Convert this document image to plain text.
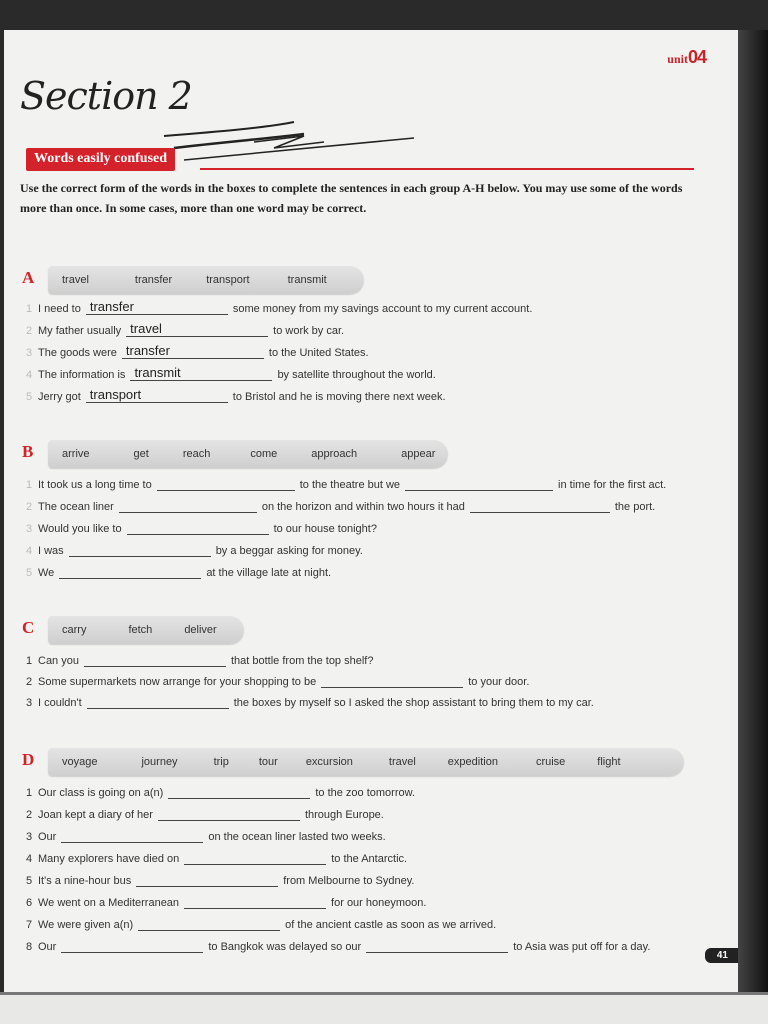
unit04
Section 2
Words easily confused
Use the correct form of the words in the boxes to complete the sentences in each group A-H below. You may use some of the words more than once. In some cases, more than one word may be correct.
A	travel	transfer	transport	transmit
1 I need to transfer	some money from my savings account to my current account.
2 My father usually travel	to work by car.
3 The goods were transfer	to the United States.
4 The information is transmit	by satellite throughout the world.
5 Jerry got transport	to Bristol and he is moving there next week.
B	arrive	get	reach	come	approach	appear
1 It took us a long time to	to the theatre but we	in time for the first act.
2 The ocean liner	on the horizon and within two hours it had	the port.
3 Would you like to	to our house tonight?
4 I was	by a beggar asking for money.
5 We	at the village late at night.
C	carry	fetch	deliver
1 Can you	that bottle from the top shelf?
2 Some supermarkets now arrange for your shopping to be	to your door.
3 I couldn't	the boxes by myself so I asked the shop assistant to bring them to my car.
D	voyage	journey	trip	tour	excursion	travel	expedition	cruise	flight
1 Our class is going on a(n)	to the zoo tomorrow.
2 Joan kept a diary of her	through Europe.
3 Our	on the ocean liner lasted two weeks.
4 Many explorers have died on	to the Antarctic.
5 It's a nine-hour bus	from Melbourne to Sydney.
6 We went on a Mediterranean	for our honeymoon.
7 We were given a(n)	of the ancient castle as soon as we arrived.
8 Our	to Bangkok was delayed so our	to Asia was put off for a day.
41
